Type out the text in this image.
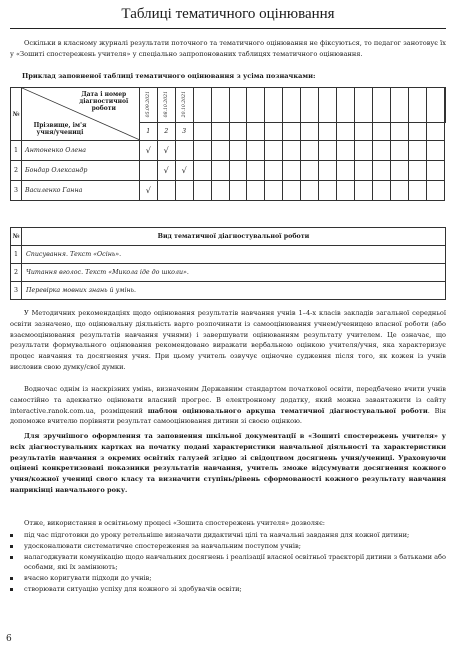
Таблиці тематичного оцінювання
Оскільки в класному журналі результати поточного та тематичного оцінювання не фіксуються, то педагог занотовує їх у «Зошиті спостережень учителя» у спеціально запропонованих таблицях тематичного оцінювання.
Приклад заповненої таблиці тематичного оцінювання з усіма позначками:
№	Дата і номер діагностичної роботи
Прізвище, ім'я учня/учениці	05.09.2021	08.10.2021	20.10.2021															
		1	2	3															
1	Антоненко Олена	√	√																
2	Бондар Олександр		√	√															
3	Василенко Ганна	√																	
№	Вид тематичної діагностувальної роботи
1	Списування. Текст «Осінь».
2	Читання вголос. Текст «Микола іде до школи».
3	Перевірка мовних знань й умінь.
У Методичних рекомендаціях щодо оцінювання результатів навчання учнів 1–4-х класів закладів загальної середньої освіти зазначено, що оцінювальну діяльність варто розпочинати із самооцінювання учнем/ученицею власної роботи (або взаємооцінювання результатів навчання учнями) і завершувати оцінюванням результату учителем. Це означає, що результати формувального оцінювання рекомендовано виражати вербальною оцінкою учителя/учня, яка характеризує процес навчання та досягнення учня. При цьому учитель озвучує оціночне судження після того, як кожен із учнів висловив свою думку/свої думки.
Водночас однім із наскрізних умінь, визначеним Державним стандартом початкової освіти, передбачено вчити учнів самостійно та адекватно оцінювати власний прогрес. В електронному додатку, який можна завантажити із сайту interactive.ranok.com.ua, розміщений шаблон оцінювального аркуша тематичної діагностувальної роботи. Він допоможе вчителю порівняти результат самооцінювання дитини зі своєю оцінкою.
Для зручнішого оформлення та заповнення шкільної документації в «Зошиті спостережень учителя» у всіх діагностувальних картках на початку подані характеристики навчальної діяльності та характеристики результатів навчання з окремих освітніх галузей згідно зі свідоцтвом досягнень учня/учениці. Ураховуючи оцінені конкретизовані показники результатів навчання, учитель зможе відсумувати досягнення кожного учня/кожної учениці свого класу та визначити ступінь/рівень сформованості кожного результату навчання наприкінці навчального року.
Отже, використання в освітньому процесі «Зошита спостережень учителя» дозволяє:
під час підготовки до уроку ретельніше визначати дидактичні цілі та навчальні завдання для кожної дитини;
удосконалювати систематичне спостереження за навчальним поступом учнів;
налагоджувати комунікацію щодо навчальних досягнень і реалізації власної освітньої траєкторії дитини з батьками або особами, які їх замінюють;
вчасно коригувати підходи до учнів;
створювати ситуацію успіху для кожного зі здобувачів освіти;
6
